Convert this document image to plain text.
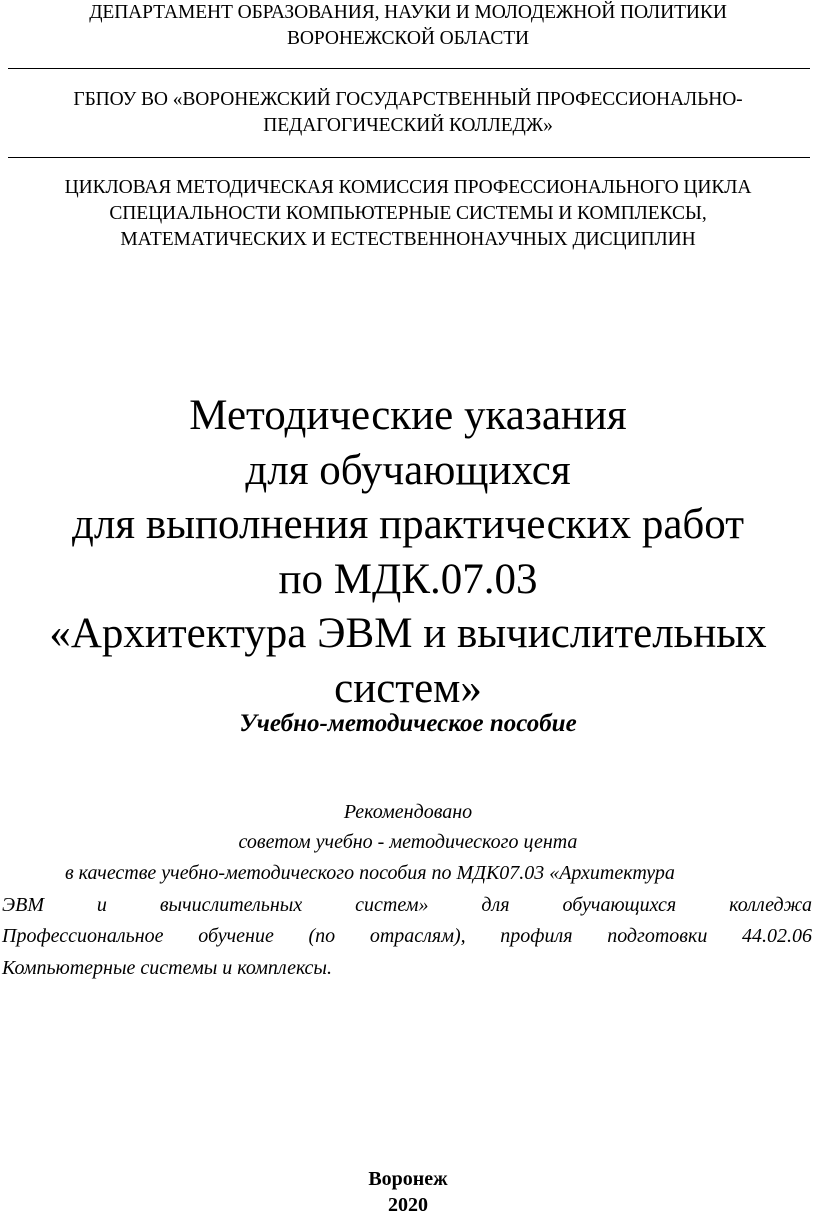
ДЕПАРТАМЕНТ ОБРАЗОВАНИЯ, НАУКИ И МОЛОДЕЖНОЙ ПОЛИТИКИ
ВОРОНЕЖСКОЙ ОБЛАСТИ
ГБПОУ ВО «ВОРОНЕЖСКИЙ ГОСУДАРСТВЕННЫЙ ПРОФЕССИОНАЛЬНО-
ПЕДАГОГИЧЕСКИЙ КОЛЛЕДЖ»
ЦИКЛОВАЯ МЕТОДИЧЕСКАЯ КОМИССИЯ ПРОФЕССИОНАЛЬНОГО ЦИКЛА
СПЕЦИАЛЬНОСТИ КОМПЬЮТЕРНЫЕ СИСТЕМЫ И КОМПЛЕКСЫ,
МАТЕМАТИЧЕСКИХ И ЕСТЕСТВЕННОНАУЧНЫХ ДИСЦИПЛИН
Методические указания
для обучающихся
для выполнения практических работ
по МДК.07.03
«Архитектура ЭВМ и вычислительных
систем»
Учебно-методическое пособие
Рекомендовано
советом учебно - методического цента
в качестве учебно-методического пособия по МДК07.03 «Архитектура
ЭВМ и вычислительных систем» для обучающихся колледжа
Профессиональное обучение (по отраслям), профиля подготовки 44.02.06
Компьютерные системы и комплексы.
Воронеж
2020
